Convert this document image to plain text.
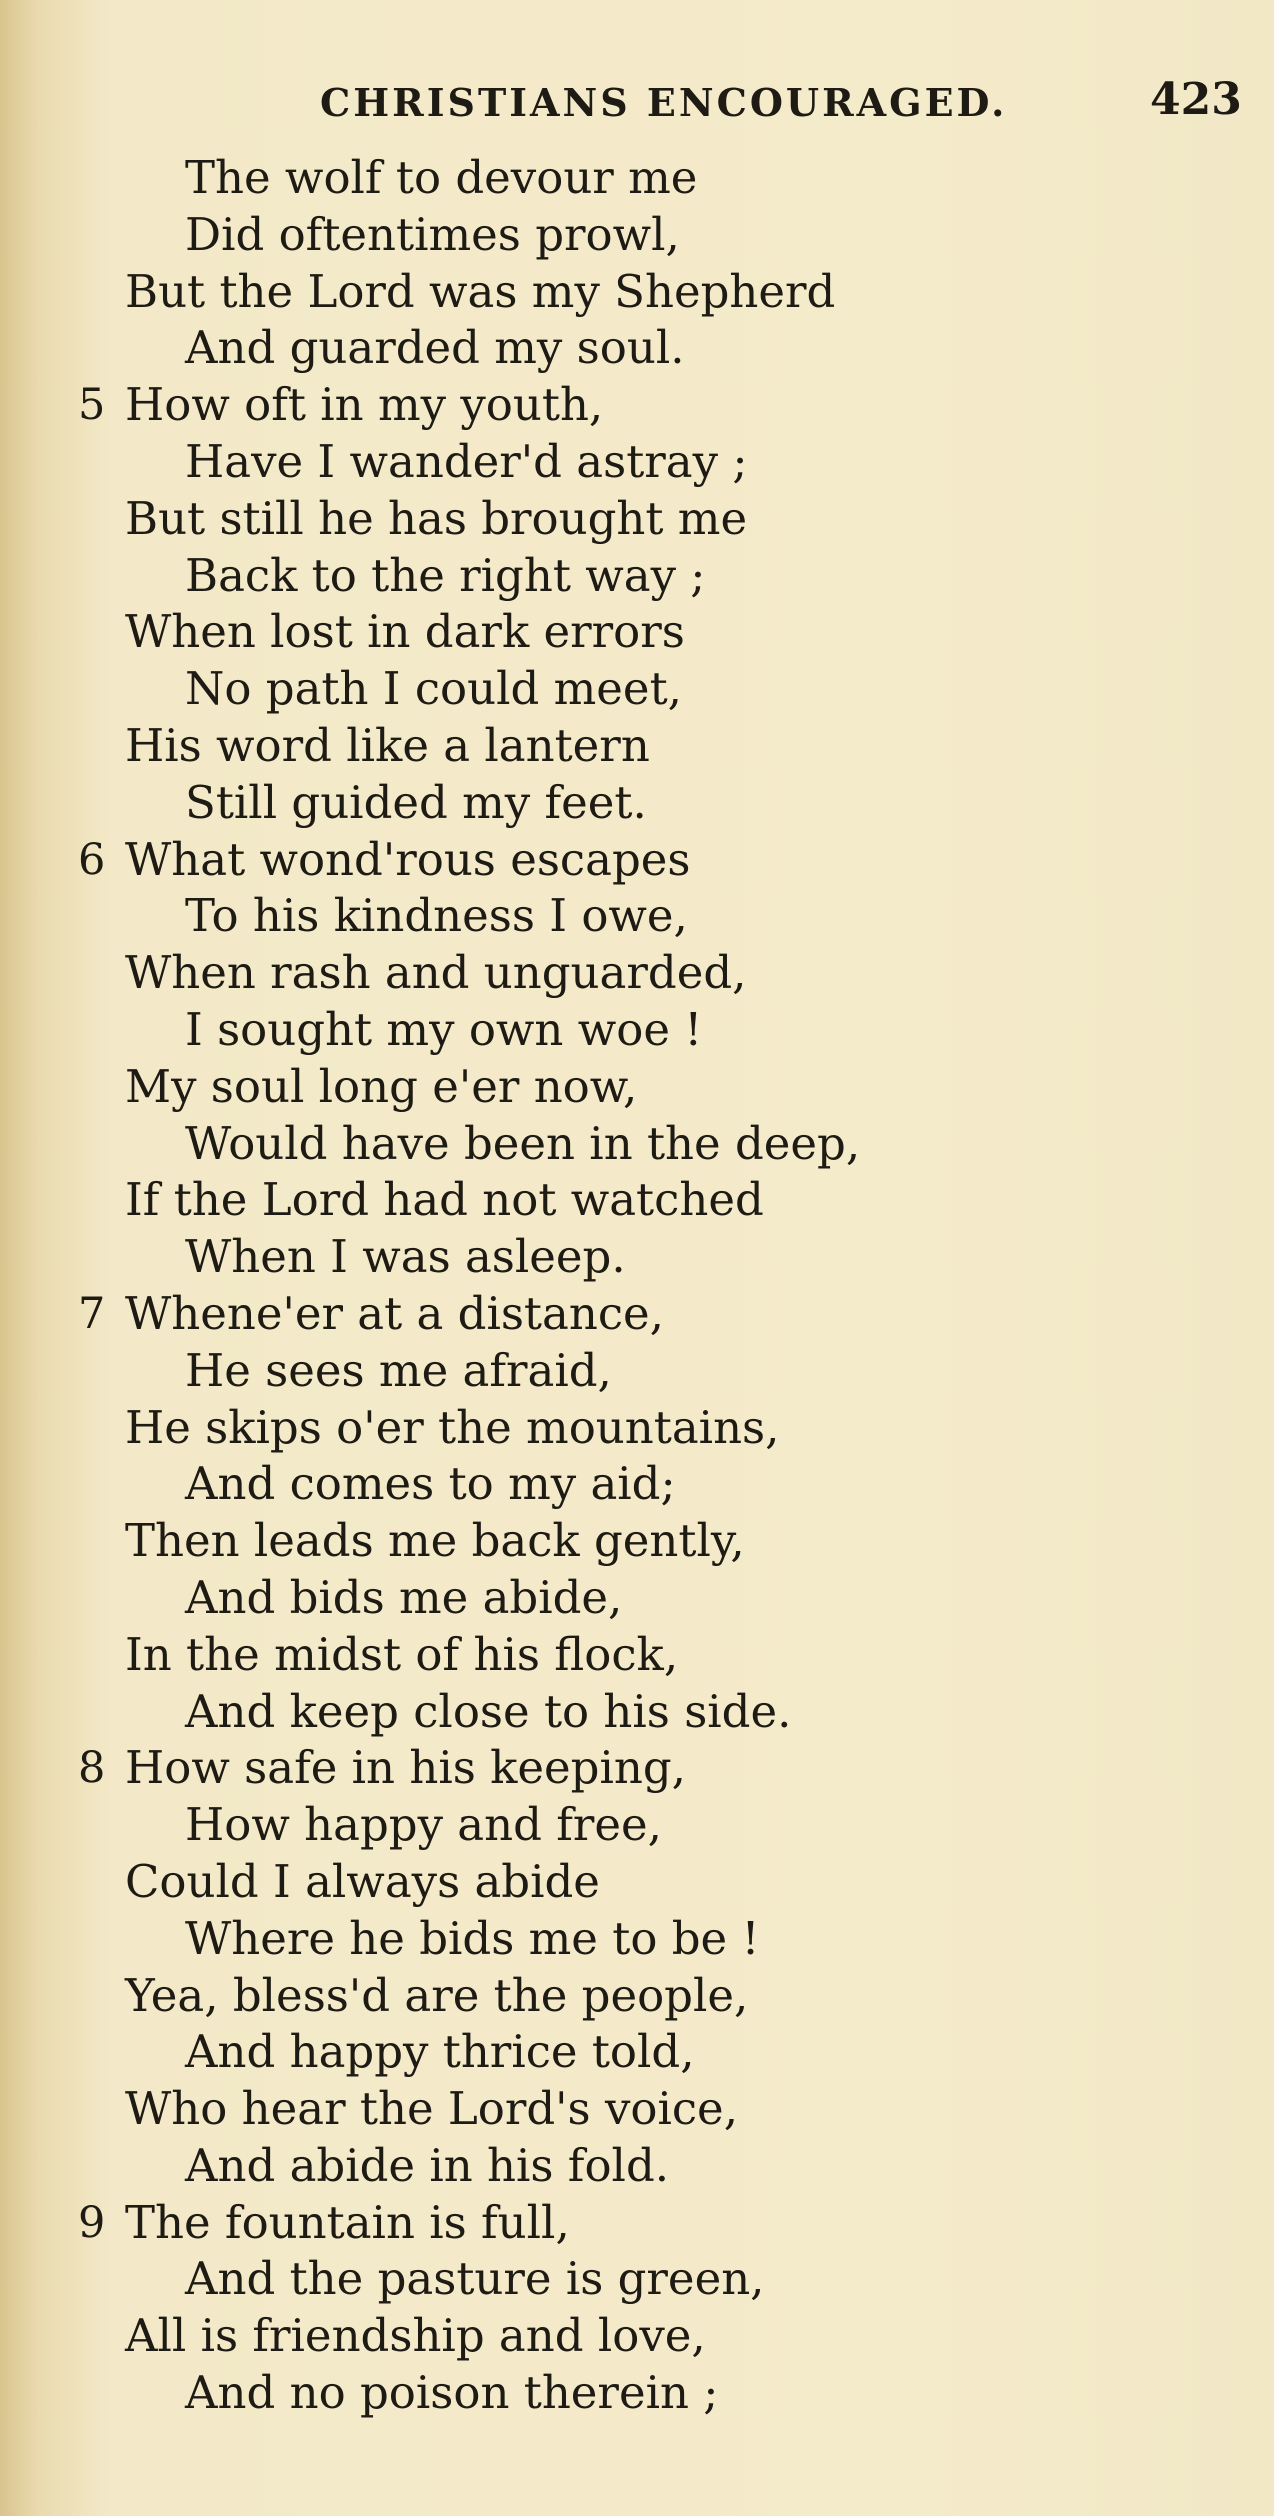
CHRISTIANS ENCOURAGED.	423
The wolf to devour me
Did oftentimes prowl,
But the Lord was my Shepherd
And guarded my soul.
5 How oft in my youth,
Have I wander'd astray ;
But still he has brought me
Back to the right way ;
When lost in dark errors
No path I could meet,
His word like a lantern
Still guided my feet.
6 What wond'rous escapes
To his kindness I owe,
When rash and unguarded,
I sought my own woe !
My soul long e'er now,
Would have been in the deep,
If the Lord had not watched
When I was asleep.
7 Whene'er at a distance,
He sees me afraid,
He skips o'er the mountains,
And comes to my aid;
Then leads me back gently,
And bids me abide,
In the midst of his flock,
And keep close to his side.
8 How safe in his keeping,
How happy and free,
Could I always abide
Where he bids me to be !
Yea, bless'd are the people,
And happy thrice told,
Who hear the Lord's voice,
And abide in his fold.
9 The fountain is full,
And the pasture is green,
All is friendship and love,
And no poison therein ;
